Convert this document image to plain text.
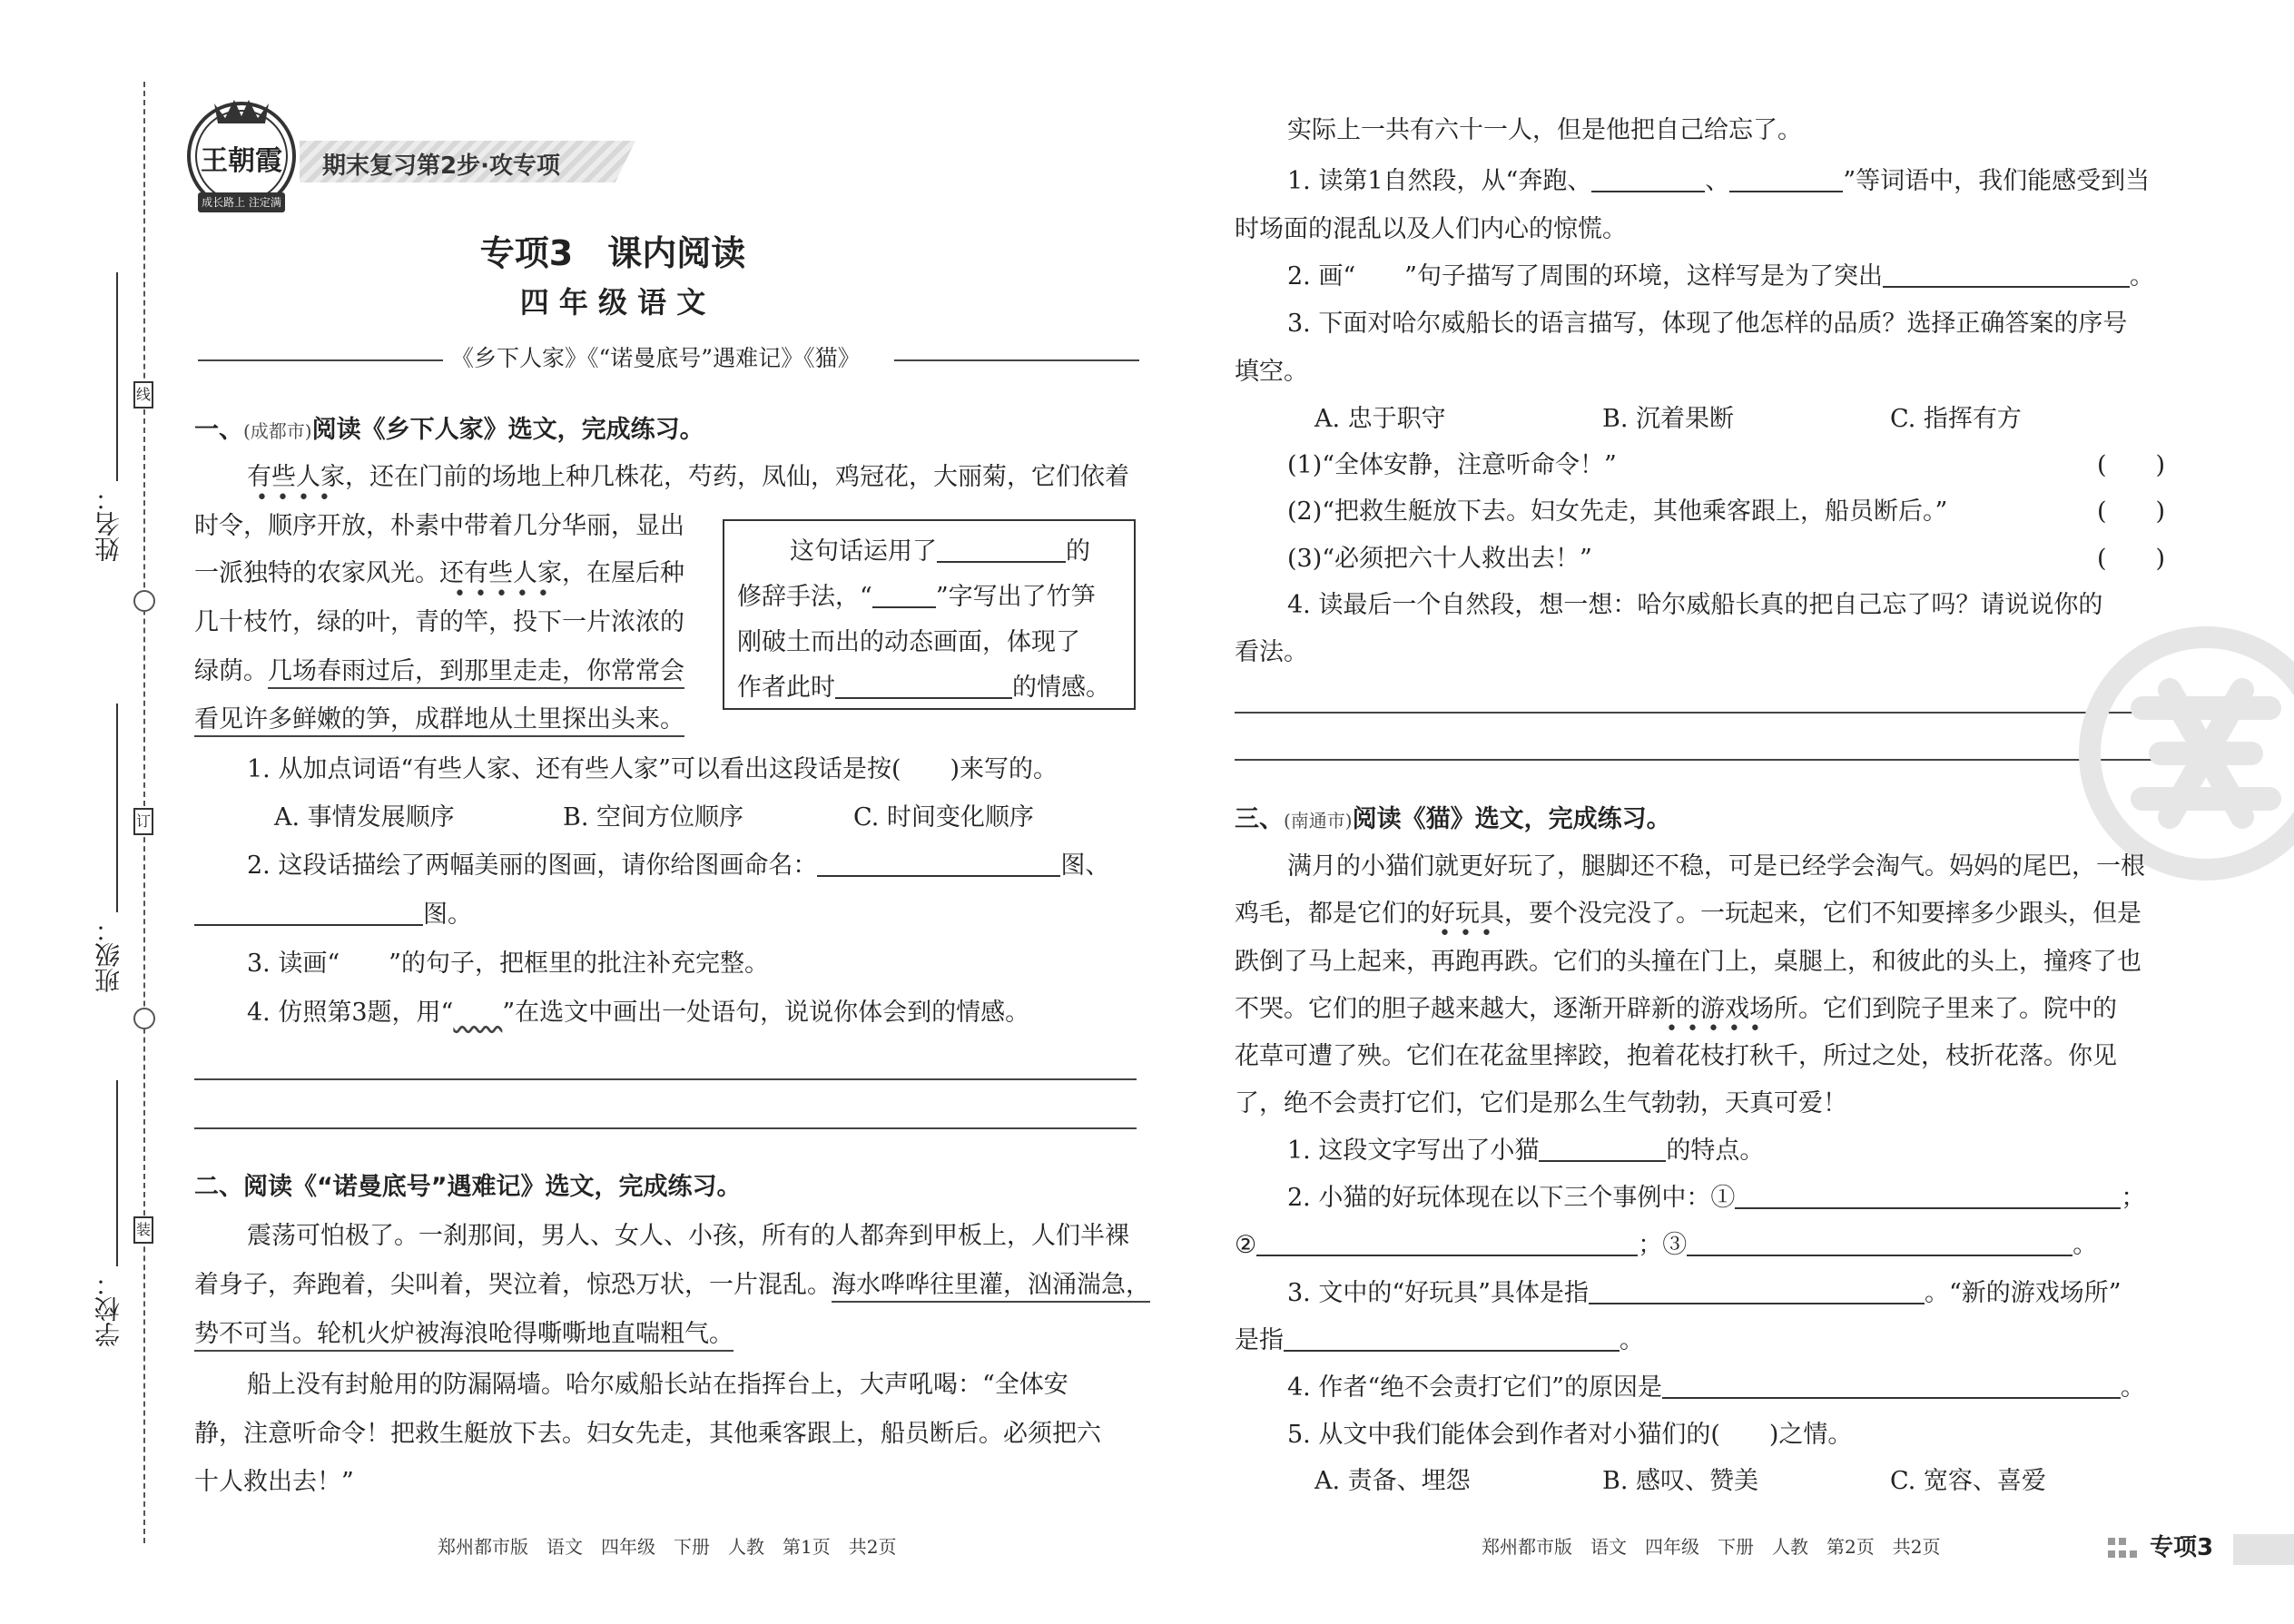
线
订
装
姓名：
班级：
学校：
王朝霞
成长路上 注定满天
期末复习第2步·攻专项
专项3　课内阅读
四 年 级 语 文
《乡下人家》《“诺曼底号”遇难记》《猫》
一、(成都市)阅读《乡下人家》选文，完成练习。
有些人家，还在门前的场地上种几株花，芍药，凤仙，鸡冠花，大丽菊，它们依着
••••
时令，顺序开放，朴素中带着几分华丽，显出
一派独特的农家风光。还有些人家，在屋后种
•••••
几十枝竹，绿的叶，青的竿，投下一片浓浓的
绿荫。几场春雨过后，到那里走走，你常常会
看见许多鲜嫩的笋，成群地从土里探出头来。
这句话运用了	的
修辞手法，“	”字写出了竹笋
刚破土而出的动态画面，体现了
作者此时	的情感。
1. 从加点词语“有些人家、还有些人家”可以看出这段话是按(　　)来写的。
A. 事情发展顺序	B. 空间方位顺序	C. 时间变化顺序
2. 这段话描绘了两幅美丽的图画，请你给图画命名：	图、
图。
3. 读画“　　”的句子，把框里的批注补充完整。
4. 仿照第3题，用“　　 ”在选文中画出一处语句，说说你体会到的情感。
二、阅读《“诺曼底号”遇难记》选文，完成练习。
震荡可怕极了。一刹那间，男人、女人、小孩，所有的人都奔到甲板上，人们半裸
着身子，奔跑着，尖叫着，哭泣着，惊恐万状，一片混乱。海水哗哗往里灌，汹涌湍急，
势不可当。轮机火炉被海浪呛得嘶嘶地直喘粗气。
船上没有封舱用的防漏隔墙。哈尔威船长站在指挥台上，大声吼喝：“全体安
静，注意听命令！把救生艇放下去。妇女先走，其他乘客跟上，船员断后。必须把六
十人救出去！”
郑州都市版　语文　四年级　下册　人教　第1页　共2页
实际上一共有六十一人，但是他把自己给忘了。
1. 读第1自然段，从“奔跑、	、	”等词语中，我们能感受到当
时场面的混乱以及人们内心的惊慌。
2. 画“　　”句子描写了周围的环境，这样写是为了突出	。
3. 下面对哈尔威船长的语言描写，体现了他怎样的品质？选择正确答案的序号
填空。
A. 忠于职守	B. 沉着果断	C. 指挥有方
(1)“全体安静，注意听命令！”	(　　)
(2)“把救生艇放下去。妇女先走，其他乘客跟上，船员断后。”	(　　)
(3)“必须把六十人救出去！”	(　　)
4. 读最后一个自然段，想一想：哈尔威船长真的把自己忘了吗？请说说你的
看法。
三、(南通市)阅读《猫》选文，完成练习。
满月的小猫们就更好玩了，腿脚还不稳，可是已经学会淘气。妈妈的尾巴，一根
鸡毛，都是它们的好玩具，要个没完没了。一玩起来，它们不知要摔多少跟头，但是
•••
跌倒了马上起来，再跑再跌。它们的头撞在门上，桌腿上，和彼此的头上，撞疼了也
不哭。它们的胆子越来越大，逐渐开辟新的游戏场所。它们到院子里来了。院中的
•••••
花草可遭了殃。它们在花盆里摔跤，抱着花枝打秋千，所过之处，枝折花落。你见
了，绝不会责打它们，它们是那么生气勃勃，天真可爱！
1. 这段文字写出了小猫	的特点。
2. 小猫的好玩体现在以下三个事例中：①	；
②	；③	。
3. 文中的“好玩具”具体是指	。“新的游戏场所”
是指	。
4. 作者“绝不会责打它们”的原因是	。
5. 从文中我们能体会到作者对小猫们的(　　)之情。
A. 责备、埋怨	B. 感叹、赞美	C. 宽容、喜爱
郑州都市版　语文　四年级　下册　人教　第2页　共2页	专项3
